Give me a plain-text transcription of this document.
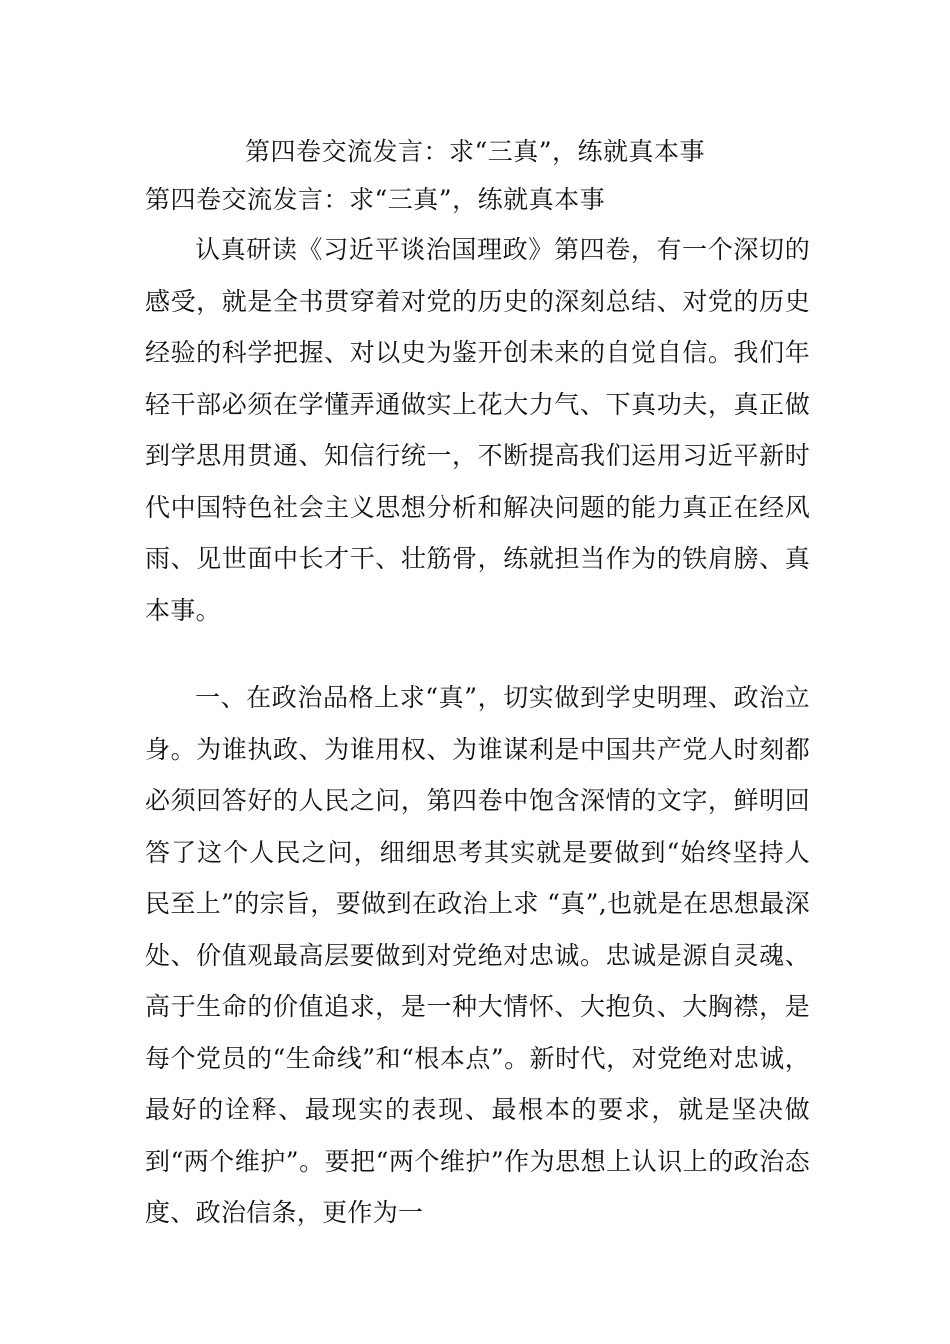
第四卷交流发言：求“三真”，练就真本事
第四卷交流发言：求“三真”，练就真本事

认真研读《习近平谈治国理政》第四卷，有一个深切的感受，就是全书贯穿着对党的历史的深刻总结、对党的历史经验的科学把握、对以史为鉴开创未来的自觉自信。我们年轻干部必须在学懂弄通做实上花大力气、下真功夫，真正做到学思用贯通、知信行统一，不断提高我们运用习近平新时代中国特色社会主义思想分析和解决问题的能力真正在经风雨、见世面中长才干、壮筋骨，练就担当作为的铁肩膀、真本事。

一、在政治品格上求“真”，切实做到学史明理、政治立身。为谁执政、为谁用权、为谁谋利是中国共产党人时刻都必须回答好的人民之问，第四卷中饱含深情的文字，鲜明回答了这个人民之问，细细思考其实就是要做到“始终坚持人民至上”的宗旨，要做到在政治上求 “真”,也就是在思想最深处、价值观最高层要做到对党绝对忠诚。忠诚是源自灵魂、高于生命的价值追求，是一种大情怀、大抱负、大胸襟，是每个党员的“生命线”和“根本点”。新时代，对党绝对忠诚，最好的诠释、最现实的表现、最根本的要求，就是坚决做到“两个维护”。要把“两个维护”作为思想上认识上的政治态度、政治信条，更作为一
